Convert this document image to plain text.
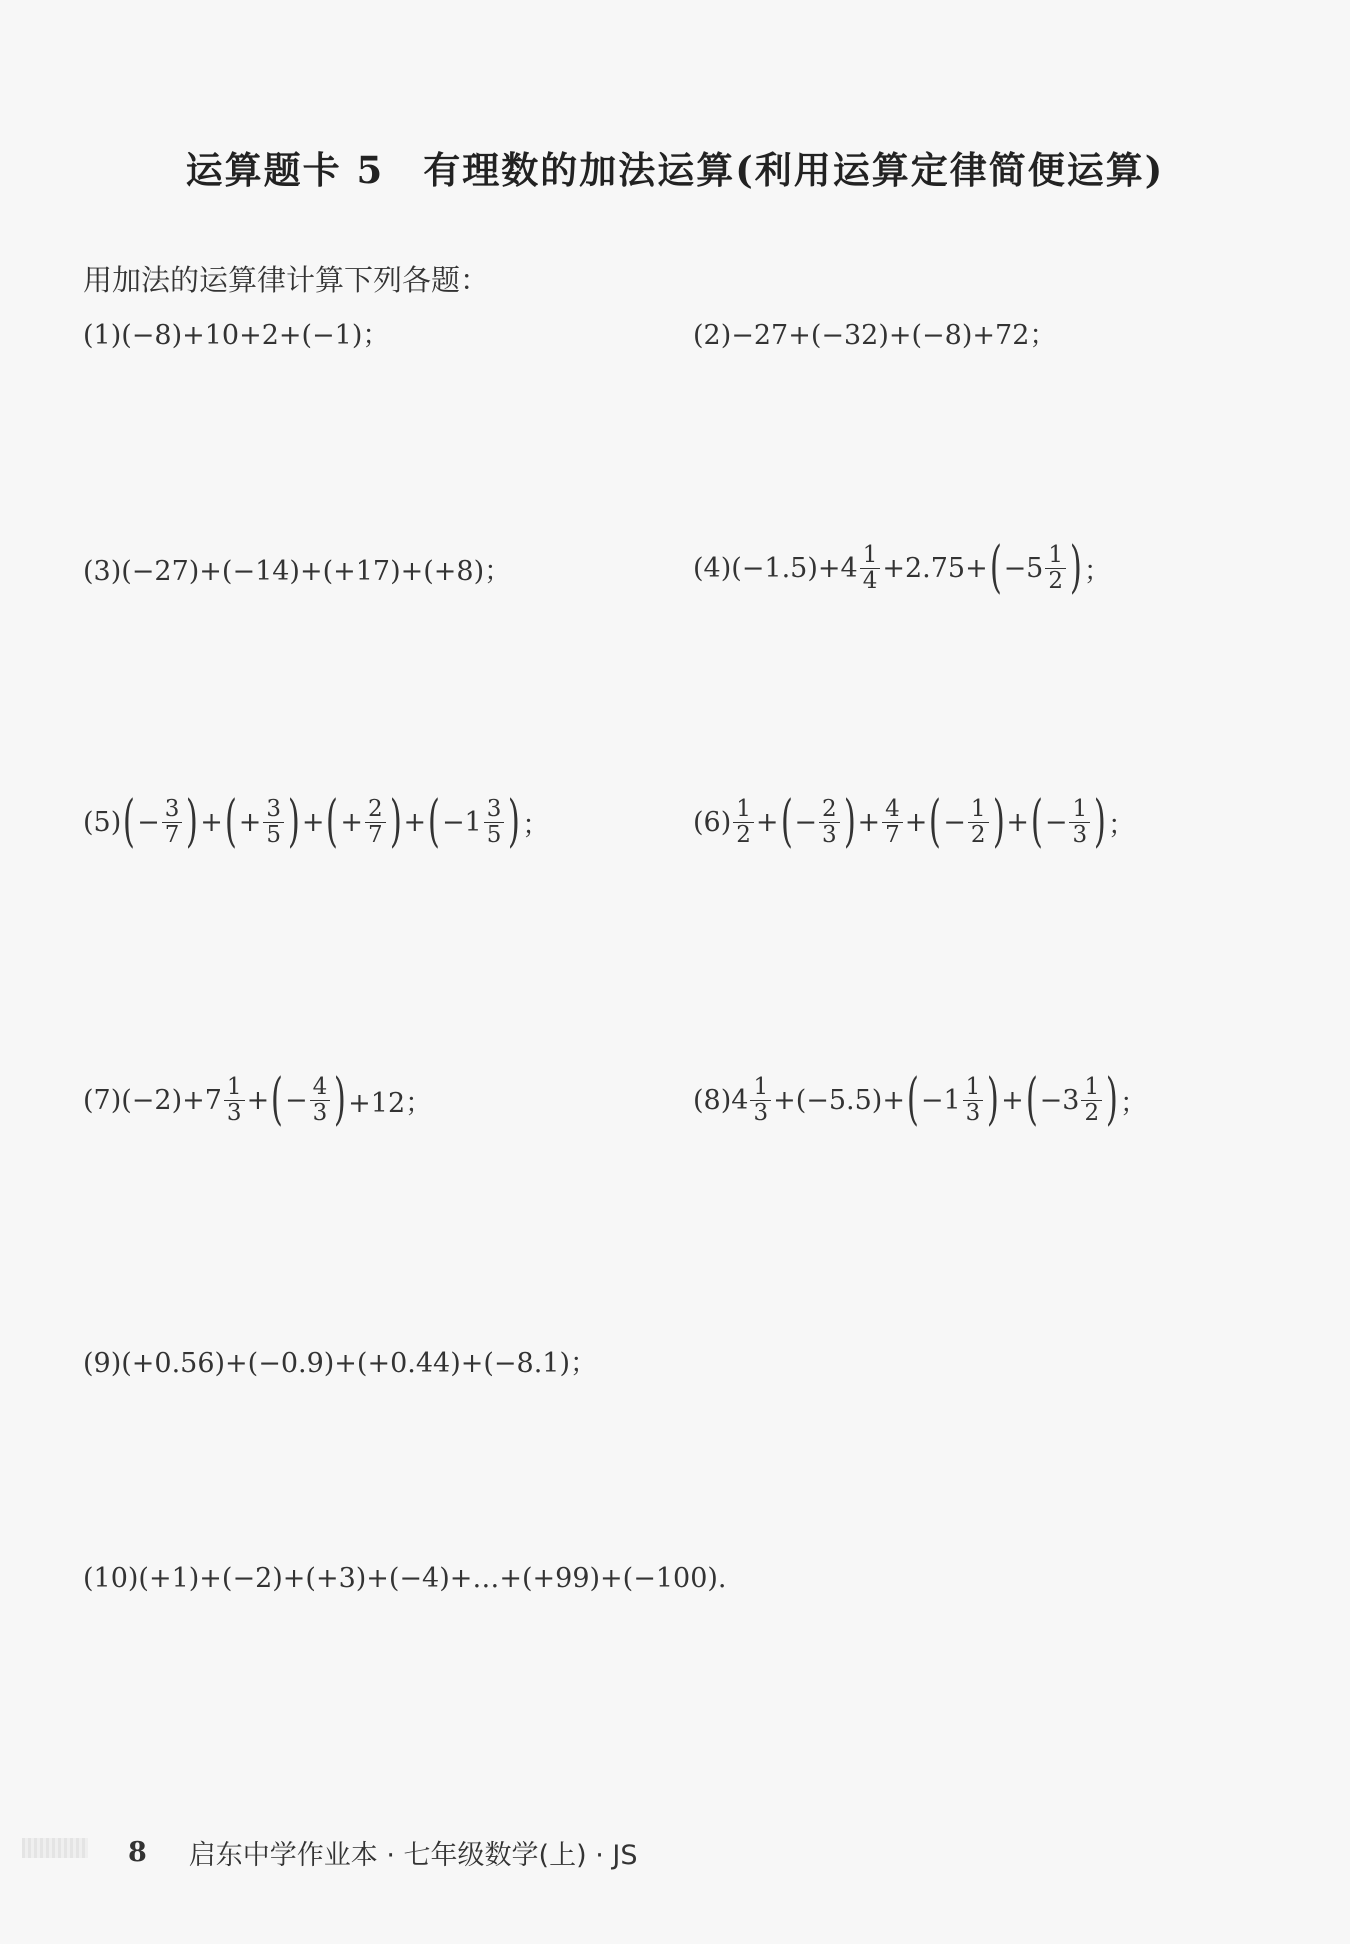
运算题卡 5　有理数的加法运算(利用运算定律简便运算)
用加法的运算律计算下列各题：
(1)(−8)+10+2+(−1)；	(2)−27+(−32)+(−8)+72；
(3)(−27)+(−14)+(+17)+(+8)；	$(4)(-1.5)+4 \frac{1}{4} +2.75+$ ( $-5 \frac{1}{2}$ ) ；
(5) ( − $\frac{3}{7}$ ) + ( + $\frac{3}{5}$ ) + ( + $\frac{2}{7}$ ) + ( $-1 \frac{3}{5}$ ) ；	$(6) \frac{1}{2}$ + ( − $\frac{2}{3}$ ) + $\frac{4}{7}$ + ( − $\frac{1}{2}$ ) + ( − $\frac{1}{3}$ ) ；
$(7)(-2)+7 \frac{1}{3}$ + ( − $\frac{4}{3}$ ) +12；	$(8)4 \frac{1}{3} +(-5.5)+$ ( $-1 \frac{1}{3}$ ) + ( $-3 \frac{1}{2}$ ) ；
(9)(+0.56)+(−0.9)+(+0.44)+(−8.1)；
(10)(+1)+(−2)+(+3)+(−4)+…+(+99)+(−100).
8 启东中学作业本 · 七年级数学(上) · JS
